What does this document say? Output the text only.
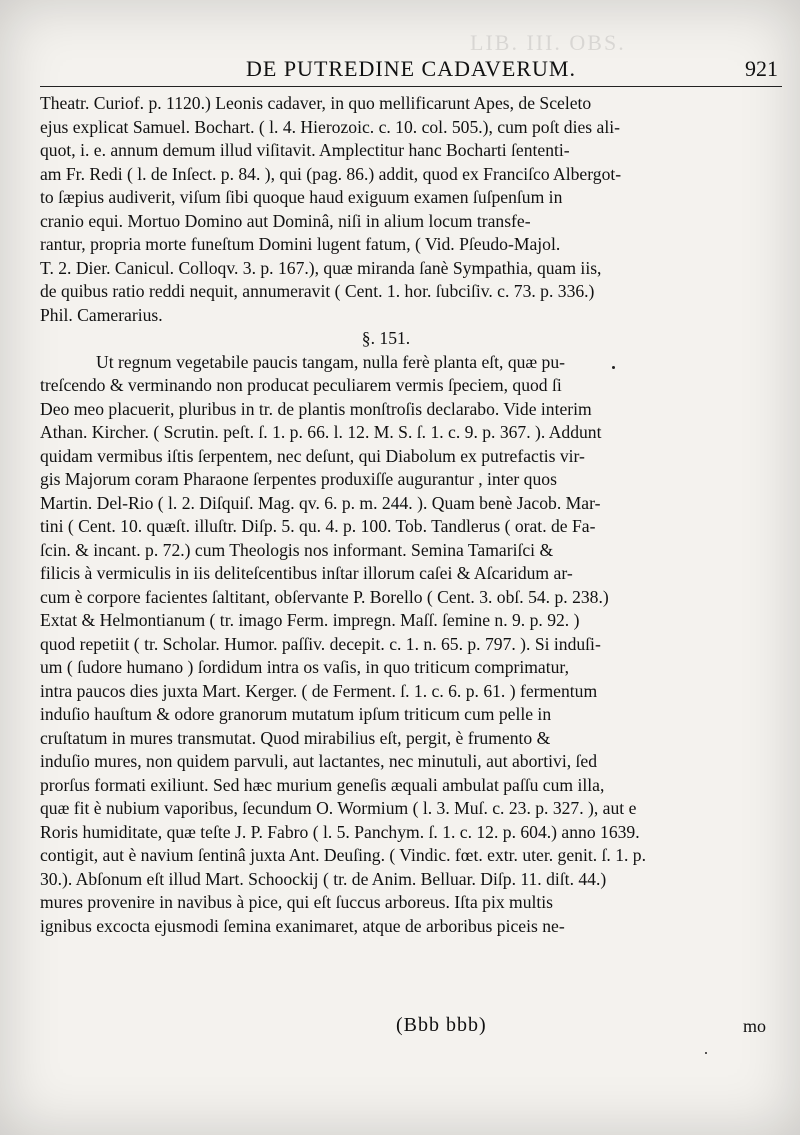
LIB. III. OBS.
DE PUTREDINE CADAVERUM.	921
Theatr. Curiof. p. 1120.) Leonis cadaver, in quo mellificarunt Apes, de Sceleto
ejus explicat Samuel. Bochart. ( l. 4. Hierozoic. c. 10. col. 505.), cum poſt dies ali-
quot, i. e. annum demum illud viſitavit. Amplectitur hanc Bocharti ſententi-
am Fr. Redi ( l. de Inſect. p. 84. ), qui (pag. 86.) addit, quod ex Franciſco Albergot-
to ſæpius audiverit, viſum ſibi quoque haud exiguum examen ſuſpenſum in
cranio equi. Mortuo Domino aut Dominâ, niſi in alium locum transfe-
rantur, propria morte funeſtum Domini lugent fatum, ( Vid. Pſeudo-Majol.
T. 2. Dier. Canicul. Colloqv. 3. p. 167.), quæ miranda ſanè Sympathia, quam iis,
de quibus ratio reddi nequit, annumeravit ( Cent. 1. hor. ſubciſiv. c. 73. p. 336.)
Phil. Camerarius.
§. 151.
Ut regnum vegetabile paucis tangam, nulla ferè planta eſt, quæ pu-
treſcendo & verminando non producat peculiarem vermis ſpeciem, quod ſi
Deo meo placuerit, pluribus in tr. de plantis monſtroſis declarabo. Vide interim
Athan. Kircher. ( Scrutin. peſt. ſ. 1. p. 66. l. 12. M. S. ſ. 1. c. 9. p. 367. ). Addunt
quidam vermibus iſtis ſerpentem, nec deſunt, qui Diabolum ex putrefactis vir-
gis Majorum coram Pharaone ſerpentes produxiſſe augurantur , inter quos
Martin. Del-Rio ( l. 2. Diſquiſ. Mag. qv. 6. p. m. 244. ). Quam benè Jacob. Mar-
tini ( Cent. 10. quæſt. illuſtr. Diſp. 5. qu. 4. p. 100. Tob. Tandlerus ( orat. de Fa-
ſcin. & incant. p. 72.) cum Theologis nos informant. Semina Tamariſci &
filicis à vermiculis in iis deliteſcentibus inſtar illorum caſei & Aſcaridum ar-
cum è corpore facientes ſaltitant, obſervante P. Borello ( Cent. 3. obſ. 54. p. 238.)
Extat & Helmontianum ( tr. imago Ferm. impregn. Maſſ. ſemine n. 9. p. 92. )
quod repetiit ( tr. Scholar. Humor. paſſiv. decepit. c. 1. n. 65. p. 797. ). Si induſi-
um ( ſudore humano ) ſordidum intra os vaſis, in quo triticum comprimatur,
intra paucos dies juxta Mart. Kerger. ( de Ferment. ſ. 1. c. 6. p. 61. ) fermentum
induſio hauſtum & odore granorum mutatum ipſum triticum cum pelle in
cruſtatum in mures transmutat. Quod mirabilius eſt, pergit, è frumento &
induſio mures, non quidem parvuli, aut lactantes, nec minutuli, aut abortivi, ſed
prorſus formati exiliunt. Sed hæc murium geneſis æquali ambulat paſſu cum illa,
quæ fit è nubium vaporibus, ſecundum O. Wormium ( l. 3. Muſ. c. 23. p. 327. ), aut e
Roris humiditate, quæ teſte J. P. Fabro ( l. 5. Panchym. ſ. 1. c. 12. p. 604.) anno 1639.
contigit, aut è navium ſentinâ juxta Ant. Deuſing. ( Vindic. fœt. extr. uter. genit. ſ. 1. p.
30.). Abſonum eſt illud Mart. Schoockij ( tr. de Anim. Belluar. Diſp. 11. diſt. 44.)
mures provenire in navibus à pice, qui eſt ſuccus arboreus. Iſta pix multis
ignibus excocta ejusmodi ſemina exanimaret, atque de arboribus piceis ne-
(Bbb bbb)	mo
